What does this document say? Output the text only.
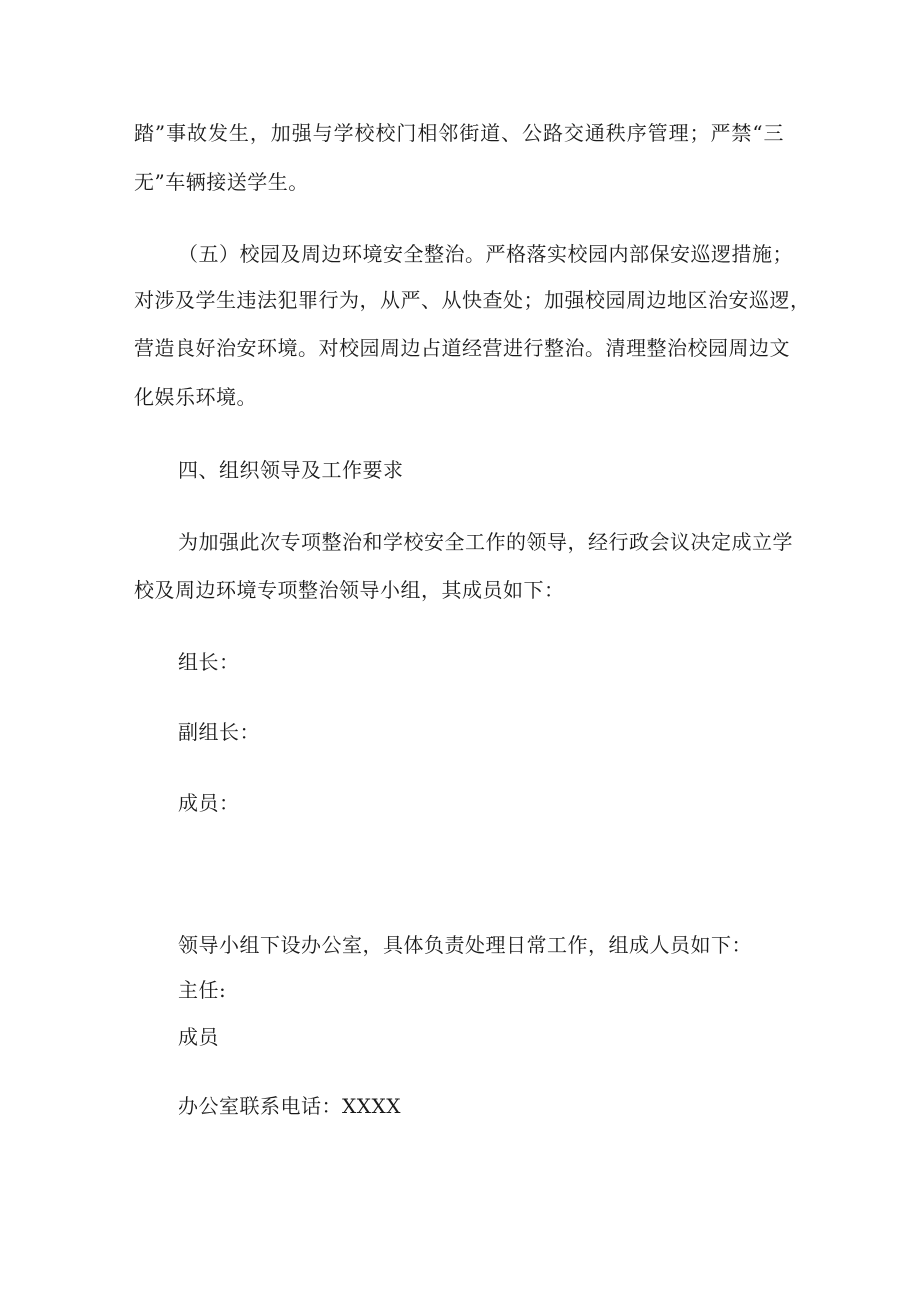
踏”事故发生，加强与学校校门相邻街道、公路交通秩序管理；严禁“三
无”车辆接送学生。
（五）校园及周边环境安全整治。严格落实校园内部保安巡逻措施；
对涉及学生违法犯罪行为，从严、从快查处；加强校园周边地区治安巡逻，
营造良好治安环境。对校园周边占道经营进行整治。清理整治校园周边文
化娱乐环境。
四、组织领导及工作要求
为加强此次专项整治和学校安全工作的领导，经行政会议决定成立学
校及周边环境专项整治领导小组，其成员如下：
组长：
副组长：
成员：
领导小组下设办公室，具体负责处理日常工作，组成人员如下：
主任:
成员
办公室联系电话：XXXX
